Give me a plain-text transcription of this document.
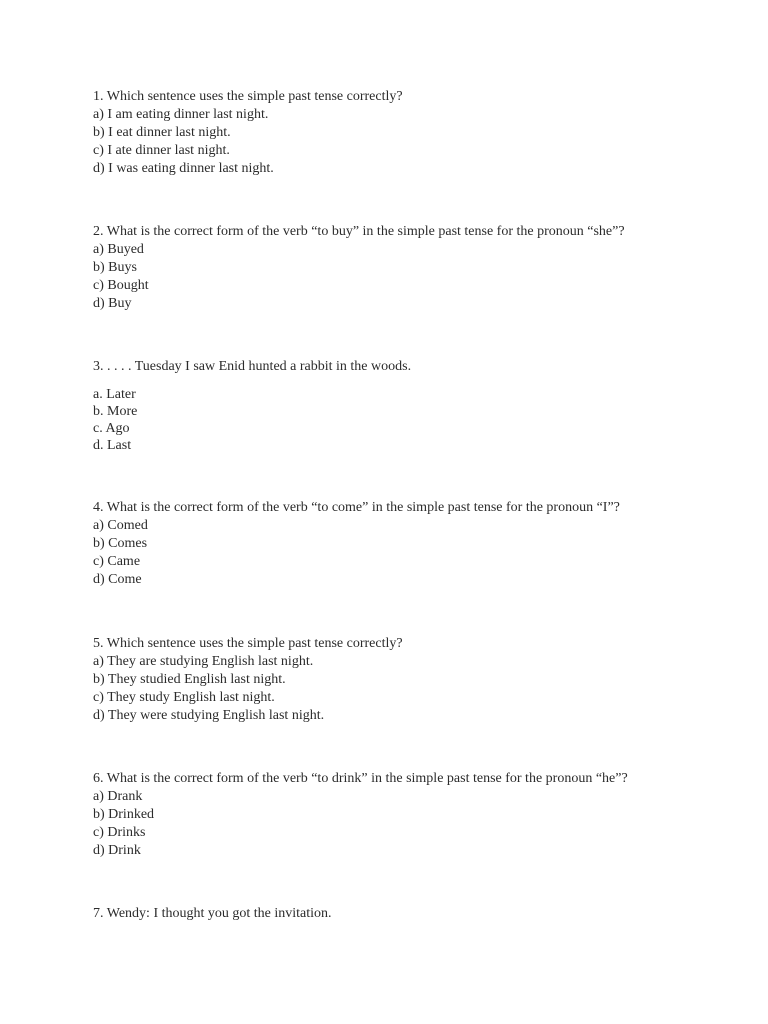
1. Which sentence uses the simple past tense correctly?
a) I am eating dinner last night.
b) I eat dinner last night.
c) I ate dinner last night.
d) I was eating dinner last night.
2. What is the correct form of the verb “to buy” in the simple past tense for the pronoun “she”?
a) Buyed
b) Buys
c) Bought
d) Buy
3. . . . . Tuesday I saw Enid hunted a rabbit in the woods.
a. Later
b. More
c. Ago
d. Last
4. What is the correct form of the verb “to come” in the simple past tense for the pronoun “I”?
a) Comed
b) Comes
c) Came
d) Come
5. Which sentence uses the simple past tense correctly?
a) They are studying English last night.
b) They studied English last night.
c) They study English last night.
d) They were studying English last night.
6. What is the correct form of the verb “to drink” in the simple past tense for the pronoun “he”?
a) Drank
b) Drinked
c) Drinks
d) Drink
7. Wendy: I thought you got the invitation.
